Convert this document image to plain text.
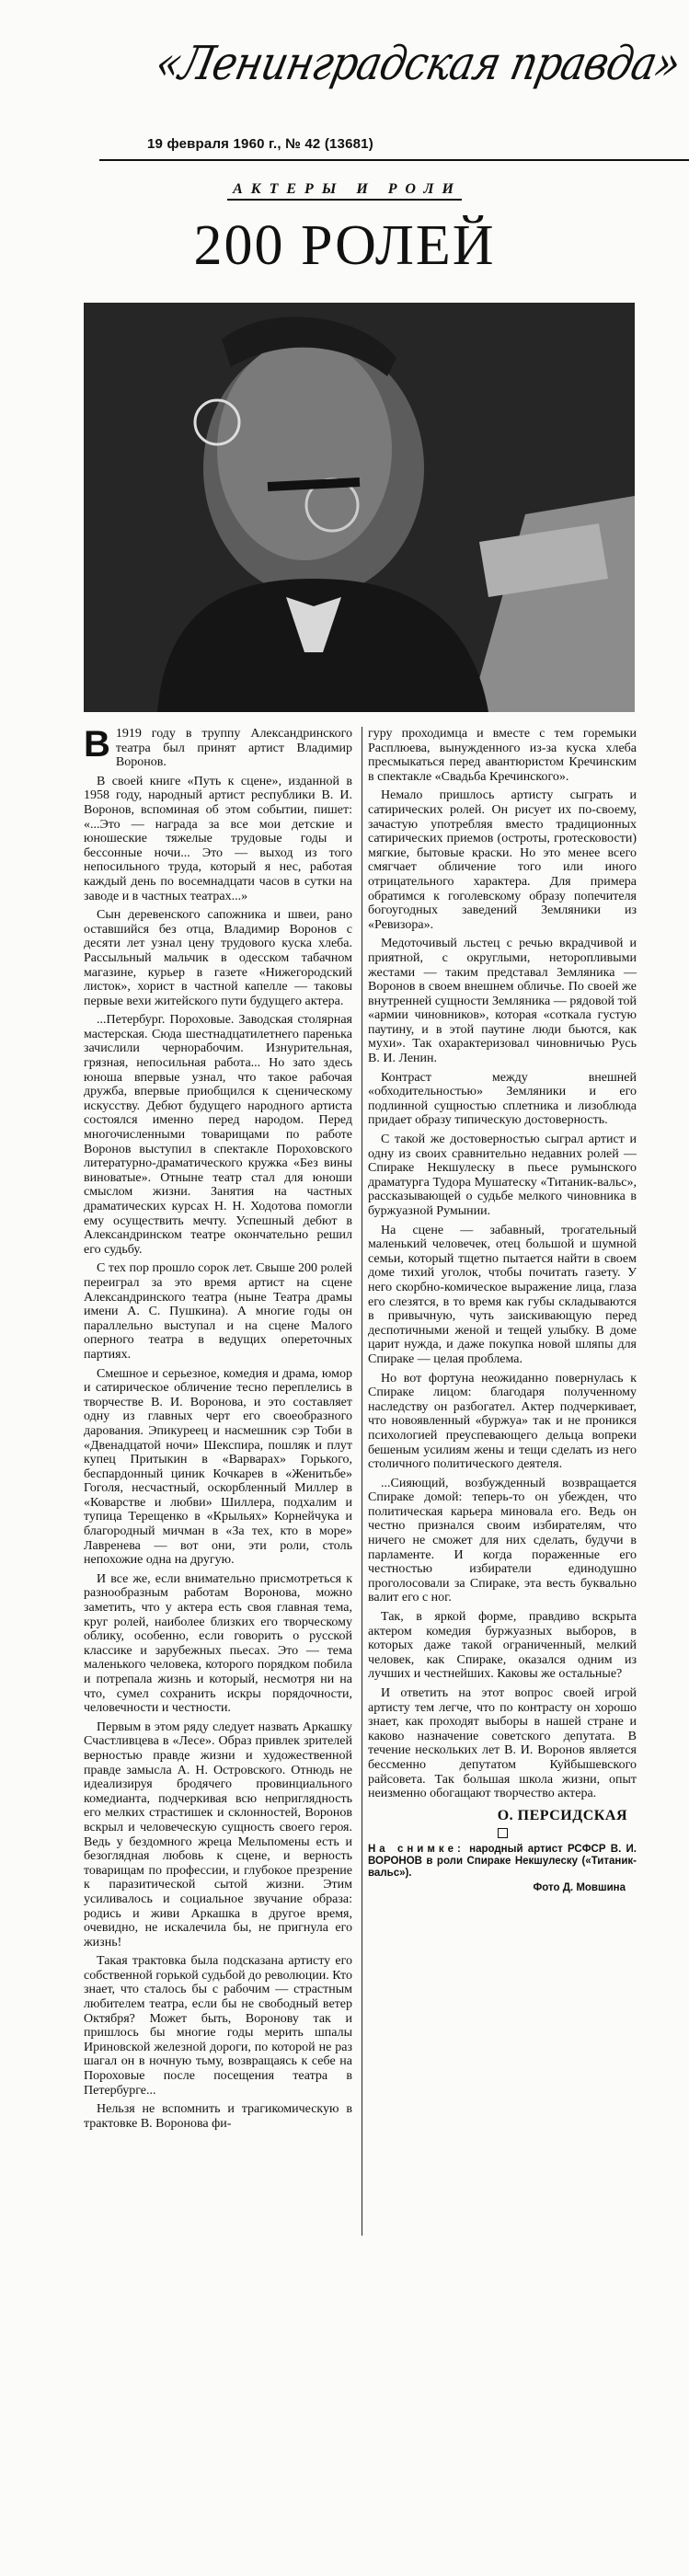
«Ленинградская правда»
19 февраля 1960 г., № 42 (13681)
АКТЕРЫ И РОЛИ
200 РОЛЕЙ

В 1919 году в труппу Александринского театра был принят артист Владимир Воронов.

В своей книге «Путь к сцене», изданной в 1958 году, народный артист республики В. И. Воронов, вспоминая об этом событии, пишет: «...Это — награда за все мои детские и юношеские тяжелые трудовые годы и бессонные ночи... Это — выход из того непосильного труда, который я нес, работая каждый день по восемнадцати часов в сутки на заводе и в частных театрах...»

Сын деревенского сапожника и швеи, рано оставшийся без отца, Владимир Воронов с десяти лет узнал цену трудового куска хлеба. Рассыльный мальчик в одесском табачном магазине, курьер в газете «Нижегородский листок», хорист в частной капелле — таковы первые вехи житейского пути будущего актера.

...Петербург. Пороховые. Заводская столярная мастерская. Сюда шестнадцатилетнего паренька зачислили чернорабочим. Изнурительная, грязная, непосильная работа... Но зато здесь юноша впервые узнал, что такое рабочая дружба, впервые приобщился к сценическому искусству. Дебют будущего народного артиста состоялся именно перед народом. Перед многочисленными товарищами по работе Воронов выступил в спектакле Пороховского литературно-драматического кружка «Без вины виноватые». Отныне театр стал для юноши смыслом жизни. Занятия на частных драматических курсах Н. Н. Ходотова помогли ему осуществить мечту. Успешный дебют в Александринском театре окончательно решил его судьбу.

С тех пор прошло сорок лет. Свыше 200 ролей переиграл за это время артист на сцене Александринского театра (ныне Театра драмы имени А. С. Пушкина). А многие годы он параллельно выступал и на сцене Малого оперного театра в ведущих опереточных партиях.

Смешное и серьезное, комедия и драма, юмор и сатирическое обличение тесно переплелись в творчестве В. И. Воронова, и это составляет одну из главных черт его своеобразного дарования. Эпикуреец и насмешник сэр Тоби в «Двенадцатой ночи» Шекспира, пошляк и плут купец Притыкин в «Варварах» Горького, беспардонный циник Кочкарев в «Женитьбе» Гоголя, несчастный, оскорбленный Миллер в «Коварстве и любви» Шиллера, подхалим и тупица Терещенко в «Крыльях» Корнейчука и благородный мичман в «За тех, кто в море» Лавренева — вот они, эти роли, столь непохожие одна на другую.

И все же, если внимательно присмотреться к разнообразным работам Воронова, можно заметить, что у актера есть своя главная тема, круг ролей, наиболее близких его творческому облику, особенно, если говорить о русской классике и зарубежных пьесах. Это — тема маленького человека, которого порядком побила и потрепала жизнь и который, несмотря ни на что, сумел сохранить искры порядочности, человечности и честности.

Первым в этом ряду следует назвать Аркашку Счастливцева в «Лесе». Образ привлек зрителей верностью правде жизни и художественной правде замысла А. Н. Островского. Отнюдь не идеализируя бродячего провинциального комедианта, подчеркивая всю неприглядность его мелких страстишек и склонностей, Воронов вскрыл и человеческую сущность своего героя. Ведь у бездомного жреца Мельпомены есть и безоглядная любовь к сцене, и верность товарищам по профессии, и глубокое презрение к паразитической сытой жизни. Этим усиливалось и социальное звучание образа: родись и живи Аркашка в другое время, очевидно, не искалечила бы, не пригнула его жизнь!

Такая трактовка была подсказана артисту его собственной горькой судьбой до революции. Кто знает, что сталось бы с рабочим — страстным любителем театра, если бы не свободный ветер Октября? Может быть, Воронову так и пришлось бы многие годы мерить шпалы Ириновской железной дороги, по которой не раз шагал он в ночную тьму, возвращаясь к себе на Пороховые после посещения театра в Петербурге...

Нельзя не вспомнить и трагикомическую в трактовке В. Воронова фи-

гуру проходимца и вместе с тем горемыки Расплюева, вынужденного из-за куска хлеба пресмыкаться перед авантюристом Кречинским в спектакле «Свадьба Кречинского».

Немало пришлось артисту сыграть и сатирических ролей. Он рисует их по-своему, зачастую употребляя вместо традиционных сатирических приемов (остроты, гротесковости) мягкие, бытовые краски. Но это менее всего смягчает обличение того или иного отрицательного характера. Для примера обратимся к гоголевскому образу попечителя богоугодных заведений Земляники из «Ревизора».

Медоточивый льстец с речью вкрадчивой и приятной, с округлыми, неторопливыми жестами — таким представал Земляника — Воронов в своем внешнем обличье. По своей же внутренней сущности Земляника — рядовой той «армии чиновников», которая «соткала густую паутину, и в этой паутине люди бьются, как мухи». Так охарактеризовал чиновничью Русь В. И. Ленин.

Контраст между внешней «обходительностью» Земляники и его подлинной сущностью сплетника и лизоблюда придает образу типическую достоверность.

С такой же достоверностью сыграл артист и одну из своих сравнительно недавних ролей — Спираке Некшулеску в пьесе румынского драматурга Тудора Мушатеску «Титаник-вальс», рассказывающей о судьбе мелкого чиновника в буржуазной Румынии.

На сцене — забавный, трогательный маленький человечек, отец большой и шумной семьи, который тщетно пытается найти в своем доме тихий уголок, чтобы почитать газету. У него скорбно-комическое выражение лица, глаза его слезятся, в то время как губы складываются в привычную, чуть заискивающую перед деспотичными женой и тещей улыбку. В доме царит нужда, и даже покупка новой шляпы для Спираке — целая проблема.

Но вот фортуна неожиданно повернулась к Спираке лицом: благодаря полученному наследству он разбогател. Актер подчеркивает, что новоявленный «буржуа» так и не проникся психологией преуспевающего дельца вопреки бешеным усилиям жены и тещи сделать из него столичного политического деятеля.

...Сияющий, возбужденный возвращается Спираке домой: теперь-то он убежден, что политическая карьера миновала его. Ведь он честно признался своим избирателям, что ничего не сможет для них сделать, будучи в парламенте. И когда пораженные его честностью избиратели единодушно проголосовали за Спираке, эта весть буквально валит его с ног.

Так, в яркой форме, правдиво вскрыта актером комедия буржуазных выборов, в которых даже такой ограниченный, мелкий человек, как Спираке, оказался одним из лучших и честнейших. Каковы же остальные?

И ответить на этот вопрос своей игрой артисту тем легче, что по контрасту он хорошо знает, как проходят выборы в нашей стране и каково назначение советского депутата. В течение нескольких лет В. И. Воронов является бессменно депутатом Куйбышевского райсовета. Так большая школа жизни, опыт неизменно обогащают творчество актера.

О. ПЕРСИДСКАЯ
На снимке: народный артист РСФСР В. И. ВОРОНОВ в роли Спираке Некшулеску («Титаник-вальс»).
Фото Д. Мовшина
